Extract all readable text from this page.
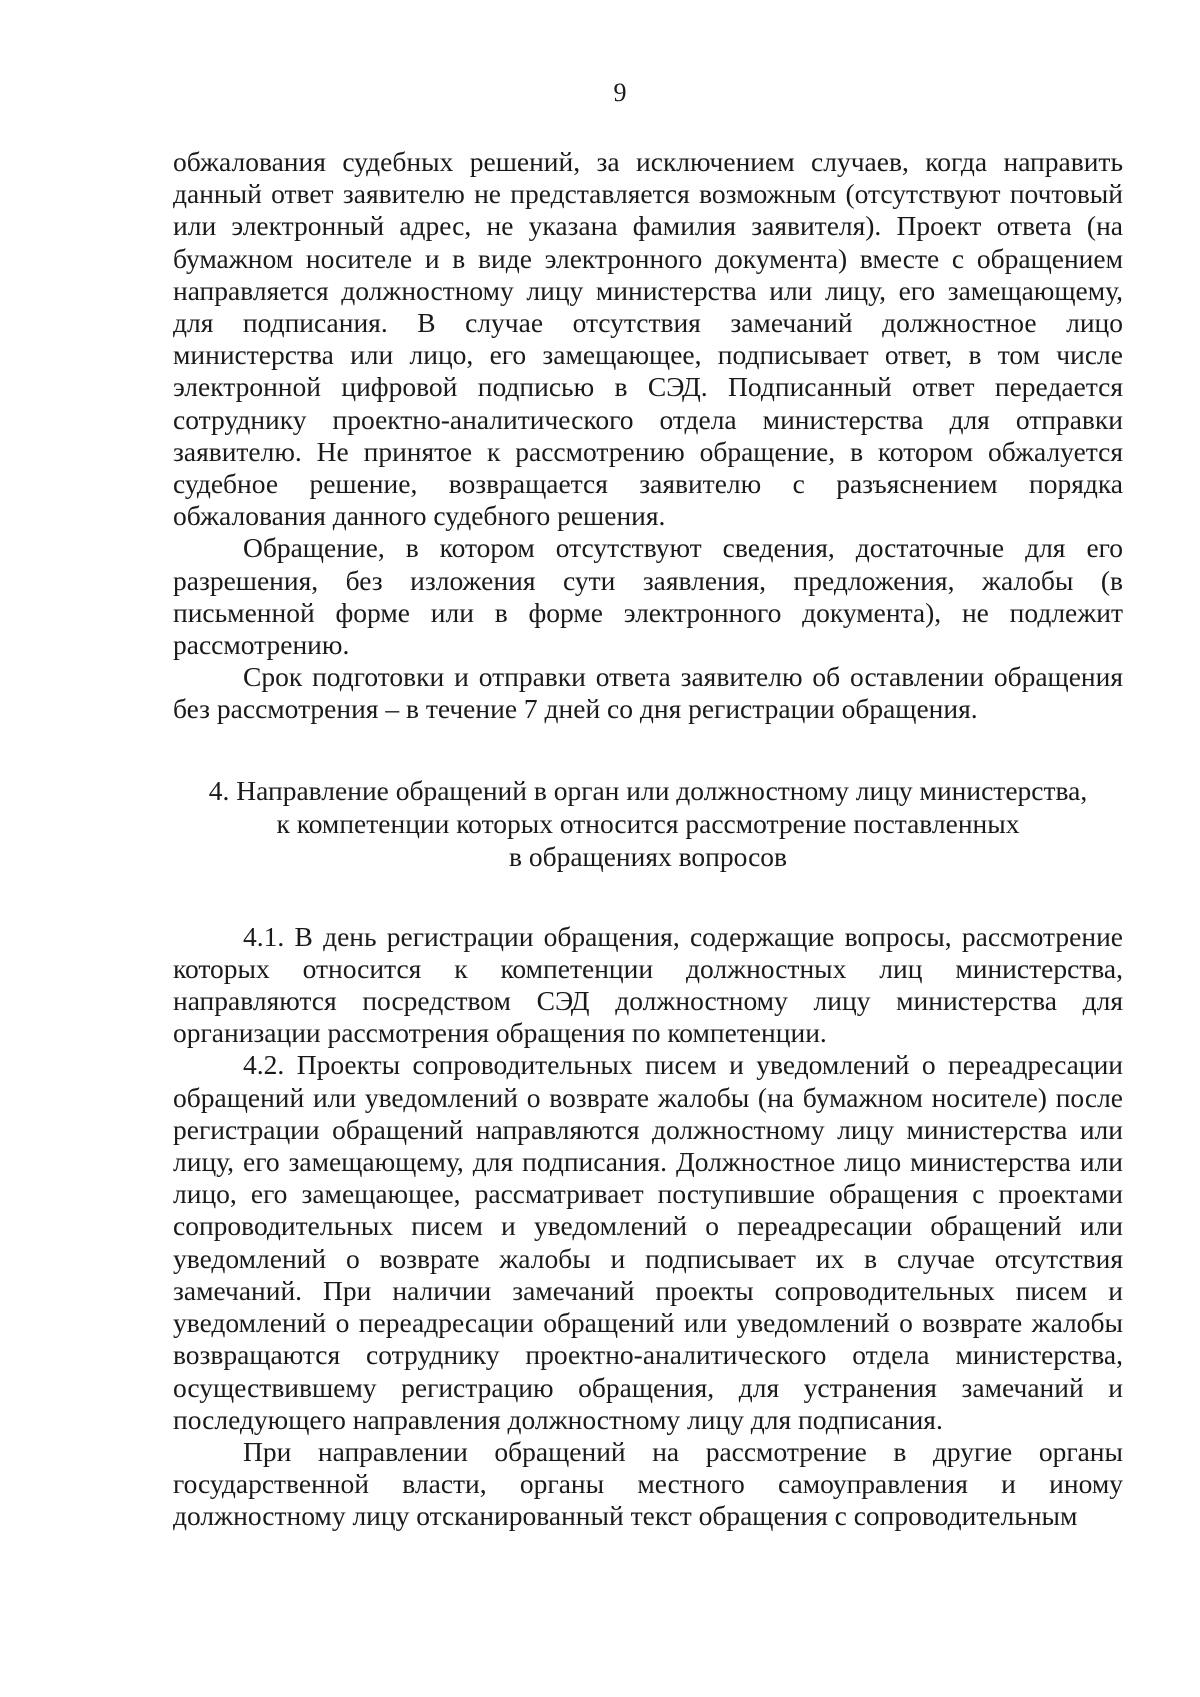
9

обжалования судебных решений, за исключением случаев, когда направить данный ответ заявителю не представляется возможным (отсутствуют почтовый или электронный адрес, не указана фамилия заявителя). Проект ответа (на бумажном носителе и в виде электронного документа) вместе с обращением направляется должностному лицу министерства или лицу, его замещающему, для подписания. В случае отсутствия замечаний должностное лицо министерства или лицо, его замещающее, подписывает ответ, в том числе электронной цифровой подписью в СЭД. Подписанный ответ передается сотруднику проектно-аналитического отдела министерства для отправки заявителю. Не принятое к рассмотрению обращение, в котором обжалуется судебное решение, возвращается заявителю с разъяснением порядка обжалования данного судебного решения.

Обращение, в котором отсутствуют сведения, достаточные для его разрешения, без изложения сути заявления, предложения, жалобы (в письменной форме или в форме электронного документа), не подлежит рассмотрению.

Срок подготовки и отправки ответа заявителю об оставлении обращения без рассмотрения – в течение 7 дней со дня регистрации обращения.

4. Направление обращений в орган или должностному лицу министерства,
к компетенции которых относится рассмотрение поставленных
в обращениях вопросов

4.1. В день регистрации обращения, содержащие вопросы, рассмотрение которых относится к компетенции должностных лиц министерства, направляются посредством СЭД должностному лицу министерства для организации рассмотрения обращения по компетенции.

4.2. Проекты сопроводительных писем и уведомлений о переадресации обращений или уведомлений о возврате жалобы (на бумажном носителе) после регистрации обращений направляются должностному лицу министерства или лицу, его замещающему, для подписания. Должностное лицо министерства или лицо, его замещающее, рассматривает поступившие обращения с проектами сопроводительных писем и уведомлений о переадресации обращений или уведомлений о возврате жалобы и подписывает их в случае отсутствия замечаний. При наличии замечаний проекты сопроводительных писем и уведомлений о переадресации обращений или уведомлений о возврате жалобы возвращаются сотруднику проектно-аналитического отдела министерства, осуществившему регистрацию обращения, для устранения замечаний и последующего направления должностному лицу для подписания.

При направлении обращений на рассмотрение в другие органы государственной власти, органы местного самоуправления и иному должностному лицу отсканированный текст обращения с сопроводительным
